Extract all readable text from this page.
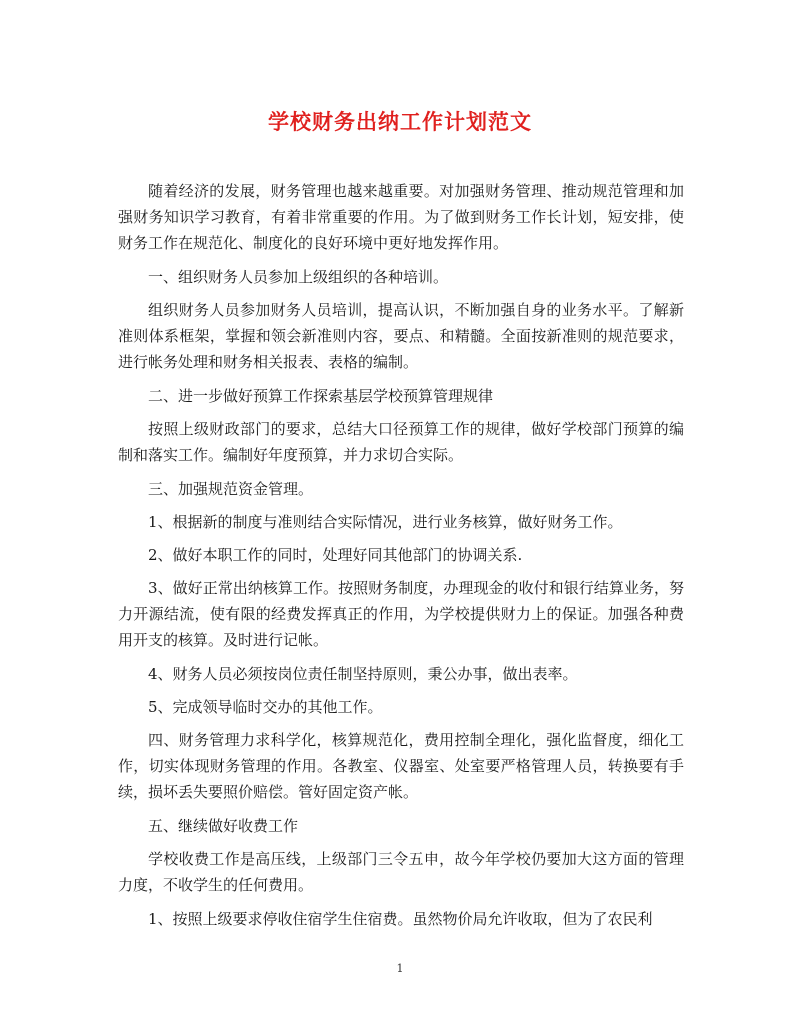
学校财务出纳工作计划范文

随着经济的发展，财务管理也越来越重要。对加强财务管理、推动规范管理和加强财务知识学习教育，有着非常重要的作用。为了做到财务工作长计划，短安排，使财务工作在规范化、制度化的良好环境中更好地发挥作用。

一、组织财务人员参加上级组织的各种培训。

组织财务人员参加财务人员培训，提高认识，不断加强自身的业务水平。了解新准则体系框架，掌握和领会新准则内容，要点、和精髓。全面按新准则的规范要求，进行帐务处理和财务相关报表、表格的编制。

二、进一步做好预算工作探索基层学校预算管理规律

按照上级财政部门的要求，总结大口径预算工作的规律，做好学校部门预算的编制和落实工作。编制好年度预算，并力求切合实际。

三、加强规范资金管理。

1、根据新的制度与准则结合实际情况，进行业务核算，做好财务工作。

2、做好本职工作的同时，处理好同其他部门的协调关系.

3、做好正常出纳核算工作。按照财务制度，办理现金的收付和银行结算业务，努力开源结流，使有限的经费发挥真正的作用，为学校提供财力上的保证。加强各种费用开支的核算。及时进行记帐。

4、财务人员必须按岗位责任制坚持原则，秉公办事，做出表率。

5、完成领导临时交办的其他工作。

四、财务管理力求科学化，核算规范化，费用控制全理化，强化监督度，细化工作，切实体现财务管理的作用。各教室、仪器室、处室要严格管理人员，转换要有手续，损坏丢失要照价赔偿。管好固定资产帐。

五、继续做好收费工作

学校收费工作是高压线，上级部门三令五申，故今年学校仍要加大这方面的管理力度，不收学生的任何费用。

1、按照上级要求停收住宿学生住宿费。虽然物价局允许收取，但为了农民利

1
